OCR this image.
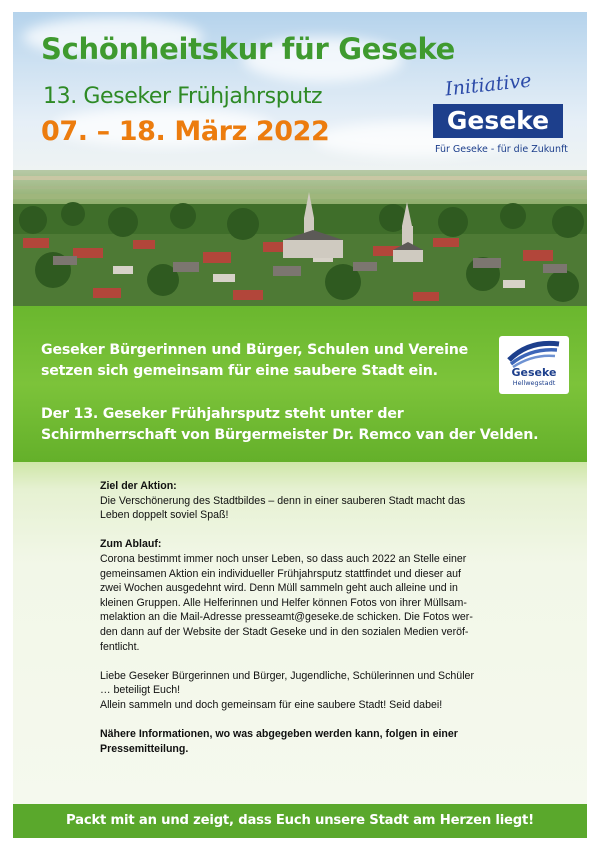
Schönheitskur für Geseke
13. Geseker Frühjahrsputz
07. – 18. März 2022
Initiative
Geseke
Für Geseke - für die Zukunft
Geseker Bürgerinnen und Bürger, Schulen und Vereine
setzen sich gemeinsam für eine saubere Stadt ein.
Der 13. Geseker Frühjahrsputz steht unter der
Schirmherrschaft von Bürgermeister Dr. Remco van der Velden.
Geseke
Hellwegstadt

Ziel der Aktion:

Die Verschönerung des Stadtbildes – denn in einer sauberen Stadt macht das

Leben doppelt soviel Spaß!

Zum Ablauf:

Corona bestimmt immer noch unser Leben, so dass auch 2022 an Stelle einer

gemeinsamen Aktion ein individueller Frühjahrsputz stattfindet und dieser auf

zwei Wochen ausgedehnt wird. Denn Müll sammeln geht auch alleine und in

kleinen Gruppen. Alle Helferinnen und Helfer können Fotos von ihrer Müllsam-

melaktion an die Mail-Adresse presseamt@geseke.de schicken. Die Fotos wer-

den dann auf der Website der Stadt Geseke und in den sozialen Medien veröf-

fentlicht.

Liebe Geseker Bürgerinnen und Bürger, Jugendliche, Schülerinnen und Schüler

… beteiligt Euch!

Allein sammeln und doch gemeinsam für eine saubere Stadt! Seid dabei!

Nähere Informationen, wo was abgegeben werden kann, folgen in einer

Pressemitteilung.

Packt mit an und zeigt, dass Euch unsere Stadt am Herzen liegt!
